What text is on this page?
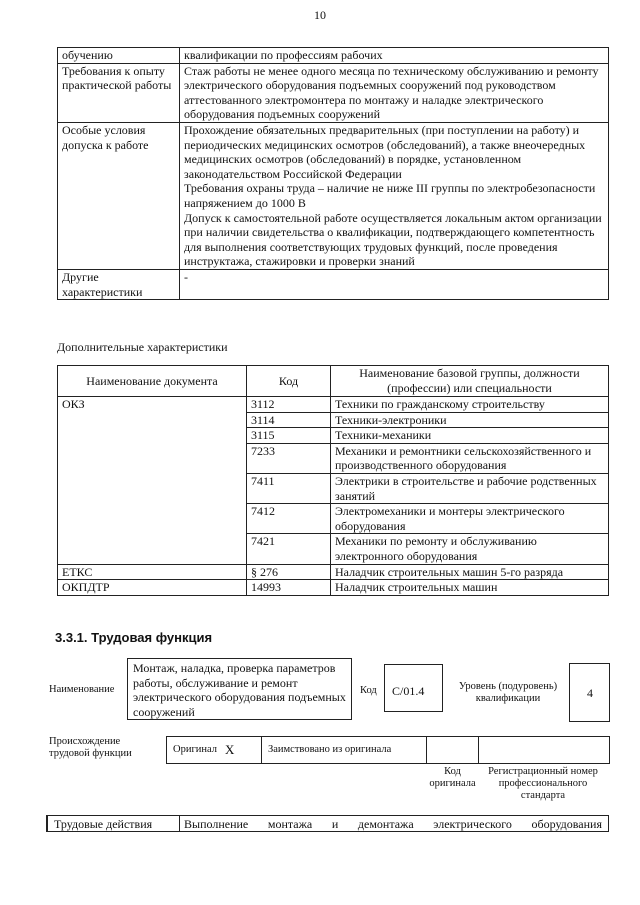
10
обучению	квалификации по профессиям рабочих
Требования к опыту практической работы	Стаж работы не менее одного месяца по техническому обслуживанию и ремонту электрического оборудования подъемных сооружений под руководством аттестованного электромонтера по монтажу и наладке электрического оборудования подъемных сооружений
Особые условия допуска к работе	Прохождение обязательных предварительных (при поступлении на работу) и периодических медицинских осмотров (обследований), а также внеочередных медицинских осмотров (обследований) в порядке, установленном законодательством Российской Федерации
Требования охраны труда – наличие не ниже III группы по электробезопасности напряжением до 1000 В
Допуск к самостоятельной работе осуществляется локальным актом организации при наличии свидетельства о квалификации, подтверждающего компетентность для выполнения соответствующих трудовых функций, после проведения инструктажа, стажировки и проверки знаний

Другие характеристики	-
Дополнительные характеристики
Наименование документа	Код	Наименование базовой группы, должности (профессии) или специальности
ОКЗ	3112	Техники по гражданскому строительству
	3114	Техники-электроники
	3115	Техники-механики
	7233	Механики и ремонтники сельскохозяйственного и производственного оборудования
	7411	Электрики в строительстве и рабочие родственных занятий
	7412	Электромеханики и монтеры электрического оборудования
	7421	Механики по ремонту и обслуживанию электронного оборудования
ЕТКС	§ 276	Наладчик строительных машин 5-го разряда
ОКПДТР	14993	Наладчик строительных машин
3.3.1. Трудовая функция
Наименование
Монтаж, наладка, проверка параметров работы, обслуживание и ремонт электрического оборудования подъемных сооружений
Код	C/01.4	Уровень (подуровень) квалификации	4
Происхождение трудовой функции	Оригинал X	Заимствовано из оригинала
Код оригинала
Регистрационный номер профессионального стандарта
Трудовые действия	Выполнение монтажа и демонтажа электрического оборудования
